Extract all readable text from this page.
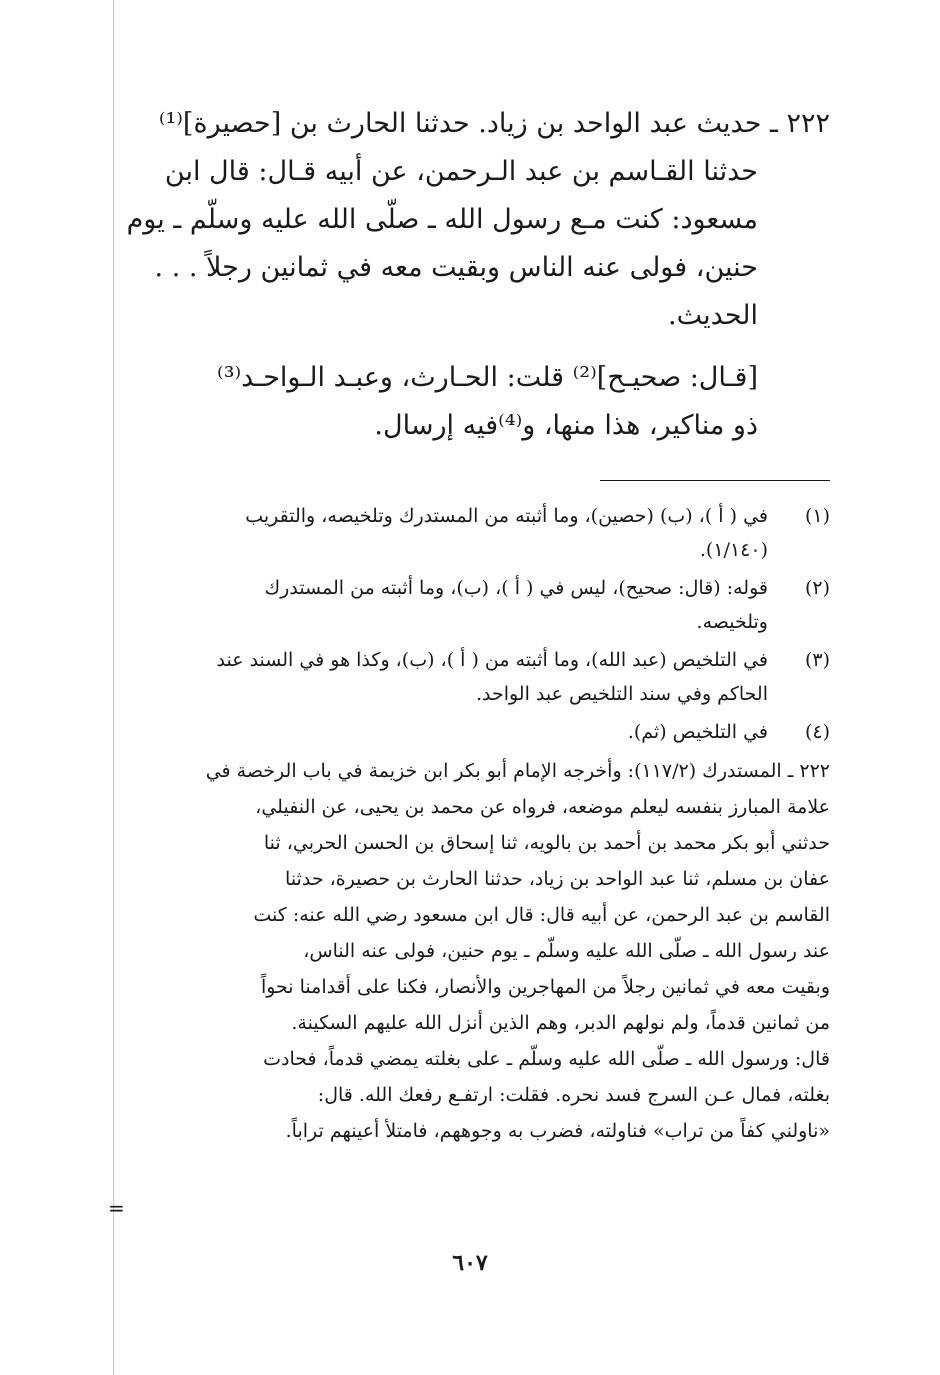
٢٢٢ ـ حديث عبد الواحد بن زياد. حدثنا الحارث بن [حصيرة]⁽¹⁾
حدثنا القـاسم بن عبد الـرحمن، عن أبيه قـال: قال ابن
مسعود: كنت مـع رسول الله ـ صلّى الله عليه وسلّم ـ يوم
حنين، فولى عنه الناس وبقيت معه في ثمانين رجلاً . . .
الحديث.
[قـال: صحيـح]⁽²⁾ قلت: الحـارث، وعبـد الـواحـد⁽³⁾
ذو مناكير، هذا منها، و⁽⁴⁾فيه إرسال.
(١)
في ( أ )، (ب) (حصين)، وما أثبته من المستدرك وتلخيصه، والتقريب
(١/١٤٠).
(٢)
قوله: (قال: صحيح)، ليس في ( أ )، (ب)، وما أثبته من المستدرك
وتلخيصه.
(٣)
في التلخيص (عبد الله)، وما أثبته من ( أ )، (ب)، وكذا هو في السند عند
الحاكم وفي سند التلخيص عبد الواحد.
(٤)
في التلخيص (ثم).
٢٢٢ ـ المستدرك (١١٧/٢): وأخرجه الإمام أبو بكر ابن خزيمة في باب الرخصة في
علامة المبارز بنفسه ليعلم موضعه، فرواه عن محمد بن يحيى، عن النفيلي،
حدثني أبو بكر محمد بن أحمد بن بالويه، ثنا إسحاق بن الحسن الحربي، ثنا
عفان بن مسلم، ثنا عبد الواحد بن زياد، حدثنا الحارث بن حصيرة، حدثنا
القاسم بن عبد الرحمن، عن أبيه قال: قال ابن مسعود رضي الله عنه: كنت
عند رسول الله ـ صلّى الله عليه وسلّم ـ يوم حنين، فولى عنه الناس،
وبقيت معه في ثمانين رجلاً من المهاجرين والأنصار، فكنا على أقدامنا نحواً
من ثمانين قدماً، ولم نولهم الدبر، وهم الذين أنزل الله عليهم السكينة.
قال: ورسول الله ـ صلّى الله عليه وسلّم ـ على بغلته يمضي قدماً، فحادت
بغلته، فمال عـن السرج فسد نحره. فقلت: ارتفـع رفعك الله. قال:
«ناولني كفاً من تراب» فناولته، فضرب به وجوههم، فامتلأ أعينهم تراباً.
=
٦٠٧
